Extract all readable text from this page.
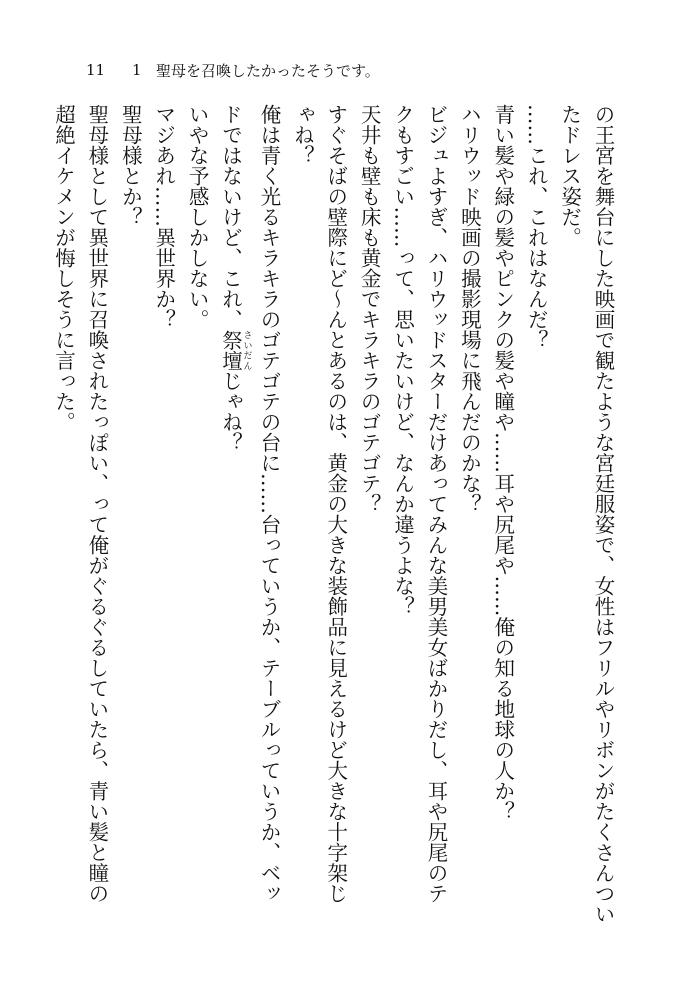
11	1 聖母を召喚したかったそうです。
の王宮を舞台にした映画で観たような宮廷服姿で、女性はフリルやリボンがたくさんつい
たドレス姿だ。
……これ、これはなんだ？
青い髪や緑の髪やピンクの髪や瞳や……耳や尻尾や……俺の知る地球の人か？
ハリウッド映画の撮影現場に飛んだのかな？
ビジュよすぎ、ハリウッドスターだけあってみんな美男美女ばかりだし、耳や尻尾のテ
クもすごい……って、思いたいけど、なんか違うよな？
天井も壁も床も黄金でキラキラのゴテゴテ？
すぐそばの壁際にど〜んとあるのは、黄金の大きな装飾品に見えるけど大きな十字架じ
ゃね？
俺は青く光るキラキラのゴテゴテの台に……台っていうか、テーブルっていうか、ベッ
ドではないけど、これ、祭壇 さいだんじゃね？
いやな予感しかしない。
マジあれ……異世界か？
聖母様とか？
聖母様として異世界に召喚されたっぽい、って俺がぐるぐるしていたら、青い髪と瞳の
超絶イケメンが悔しそうに言った。
